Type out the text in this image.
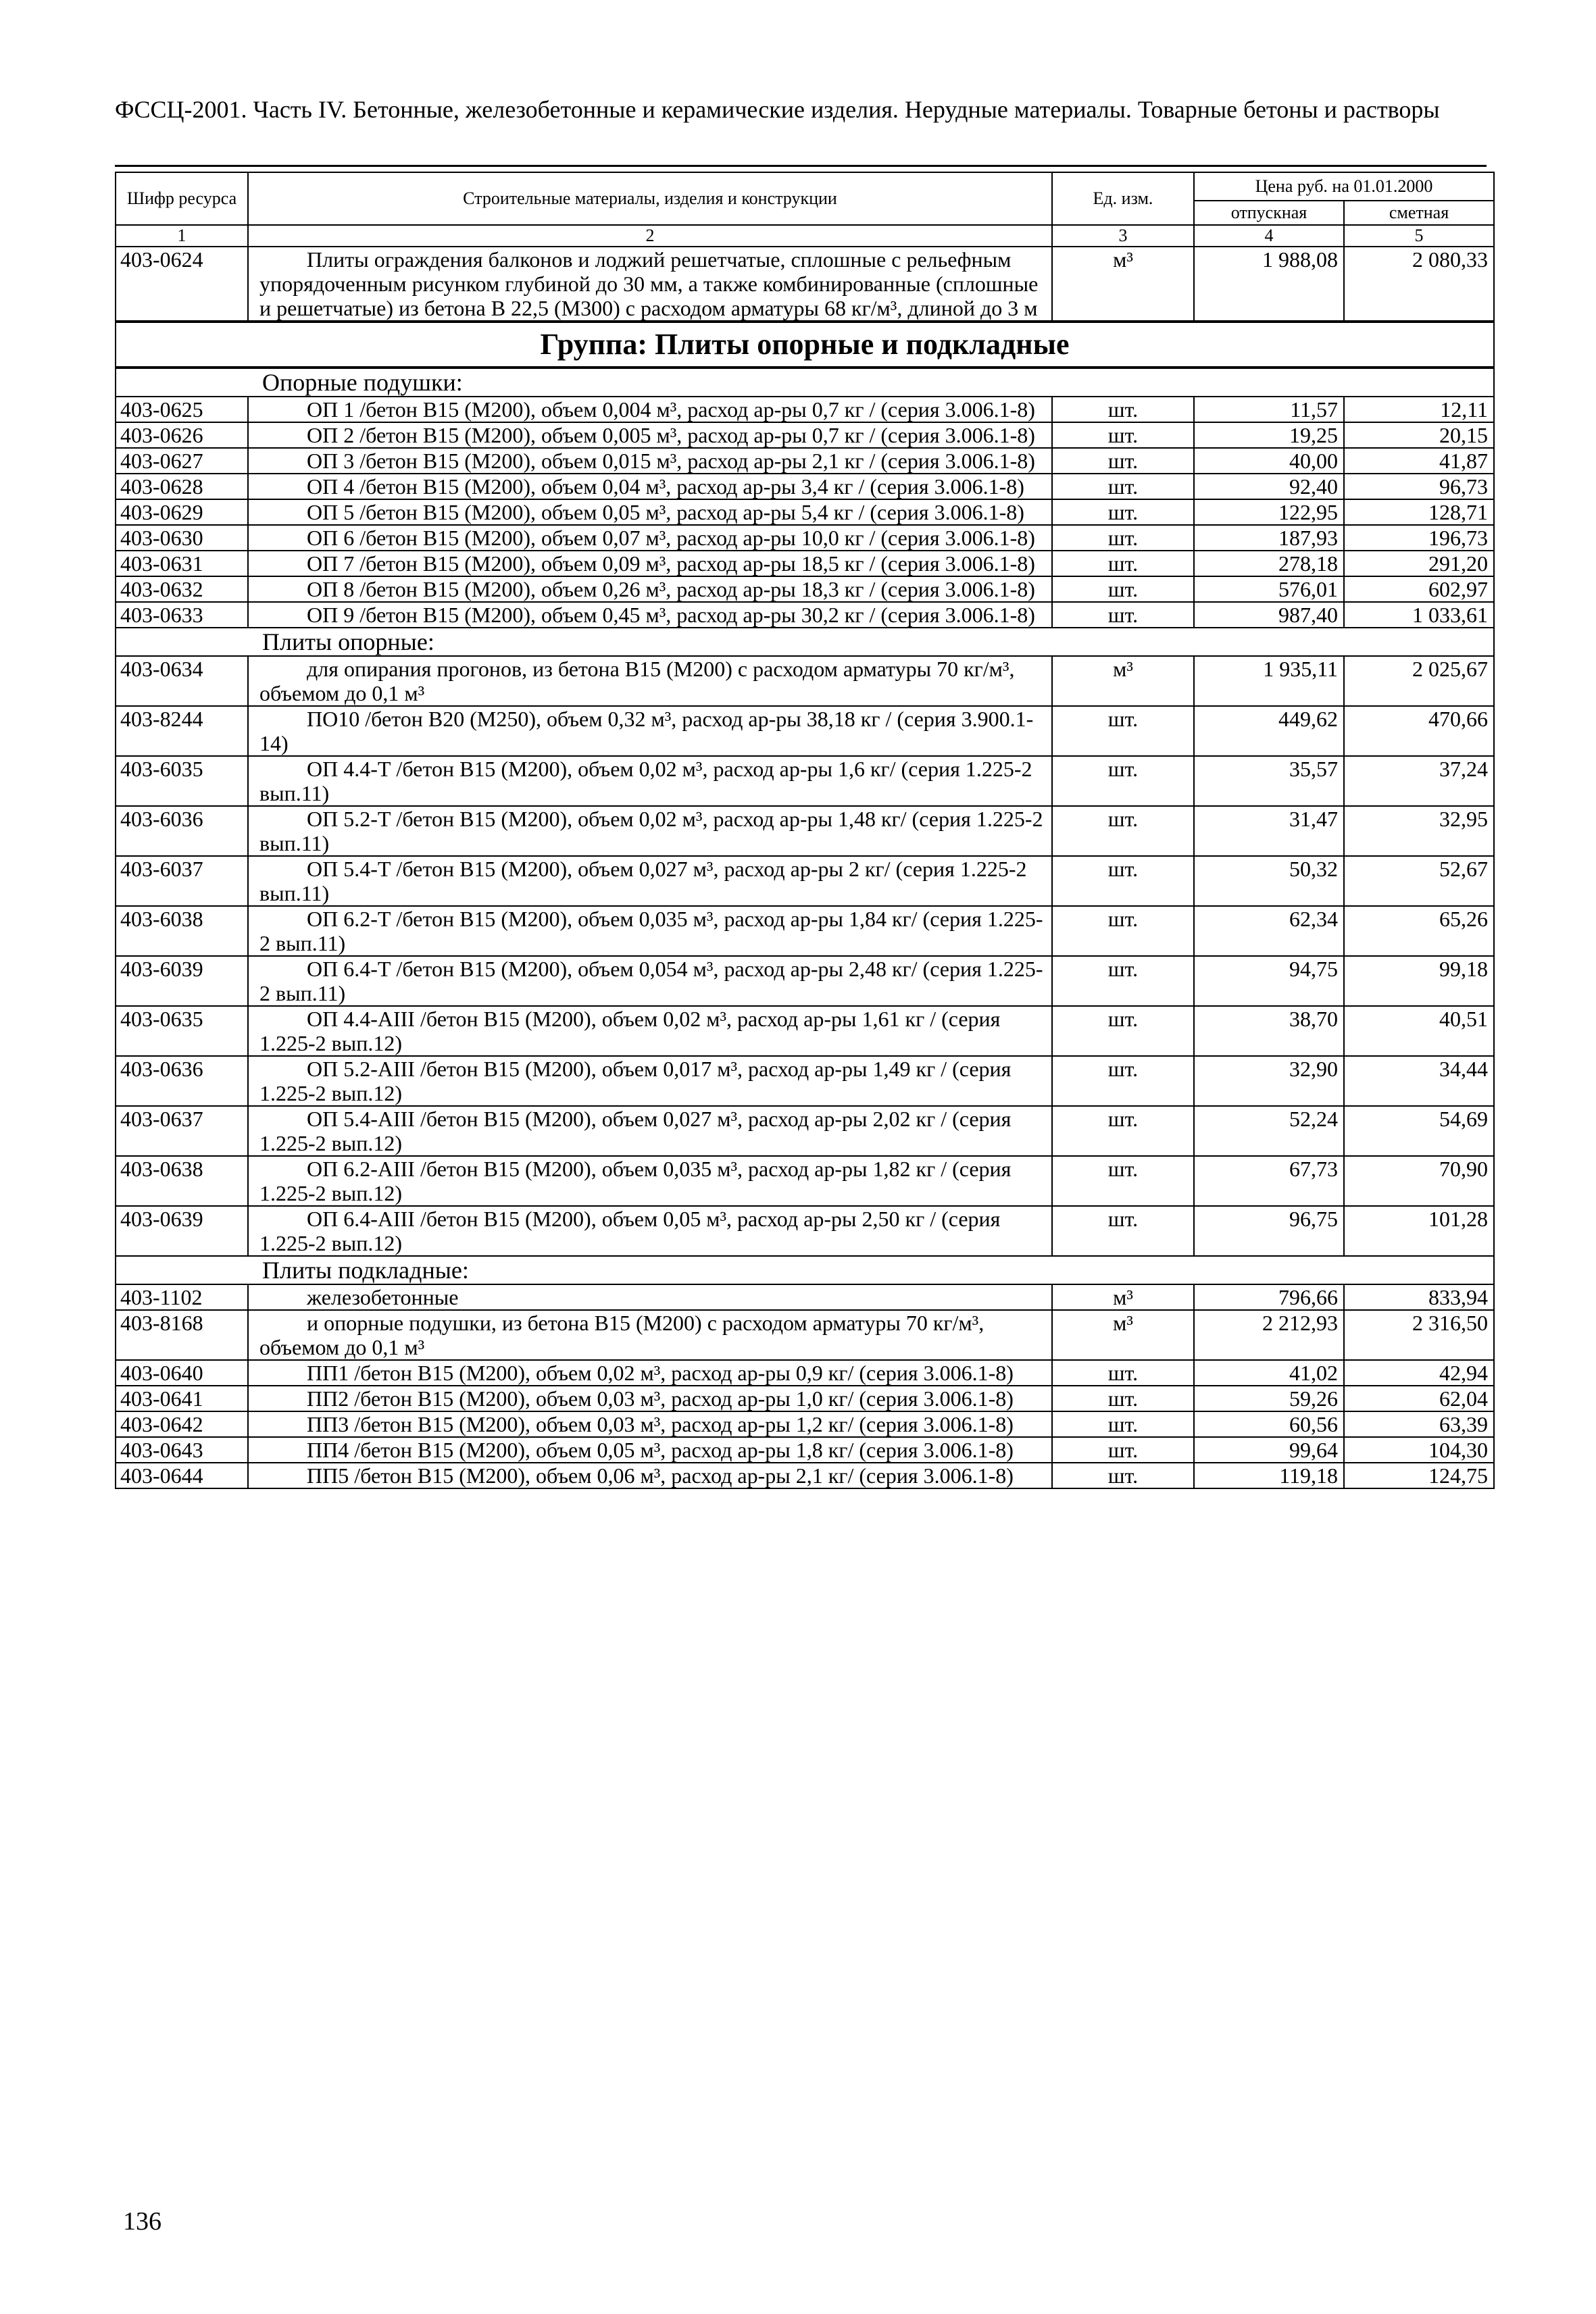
ФССЦ-2001. Часть IV. Бетонные, железобетонные и керамические изделия. Нерудные материалы. Товарные бетоны и растворы
Шифр ресурса	Строительные материалы, изделия и конструкции	Ед. изм.	Цена руб. на 01.01.2000	
			отпускная	сметная
1	2	3	4	5
403-0624	Плиты ограждения балконов и лоджий решетчатые, сплошные с рельефным упорядоченным рисунком глубиной до 30 мм, а также комбинированные (сплошные и решетчатые) из бетона В 22,5 (М300) с расходом арматуры 68 кг/м³, длиной до 3 м	м³	1 988,08	2 080,33
Группа: Плиты опорные и подкладные				
Опорные подушки:				
403-0625	ОП 1 /бетон В15 (М200), объем 0,004 м³, расход ар-ры 0,7 кг / (серия 3.006.1-8)	шт.	11,57	12,11
403-0626	ОП 2 /бетон В15 (М200), объем 0,005 м³, расход ар-ры 0,7 кг / (серия 3.006.1-8)	шт.	19,25	20,15
403-0627	ОП 3 /бетон В15 (М200), объем 0,015 м³, расход ар-ры 2,1 кг / (серия 3.006.1-8)	шт.	40,00	41,87
403-0628	ОП 4 /бетон В15 (М200), объем 0,04 м³, расход ар-ры 3,4 кг / (серия 3.006.1-8)	шт.	92,40	96,73
403-0629	ОП 5 /бетон В15 (М200), объем 0,05 м³, расход ар-ры 5,4 кг / (серия 3.006.1-8)	шт.	122,95	128,71
403-0630	ОП 6 /бетон В15 (М200), объем 0,07 м³, расход ар-ры 10,0 кг / (серия 3.006.1-8)	шт.	187,93	196,73
403-0631	ОП 7 /бетон В15 (М200), объем 0,09 м³, расход ар-ры 18,5 кг / (серия 3.006.1-8)	шт.	278,18	291,20
403-0632	ОП 8 /бетон В15 (М200), объем 0,26 м³, расход ар-ры 18,3 кг / (серия 3.006.1-8)	шт.	576,01	602,97
403-0633	ОП 9 /бетон В15 (М200), объем 0,45 м³, расход ар-ры 30,2 кг / (серия 3.006.1-8)	шт.	987,40	1 033,61
Плиты опорные:				
403-0634	для опирания прогонов, из бетона В15 (М200) с расходом арматуры 70 кг/м³, объемом до 0,1 м³	м³	1 935,11	2 025,67
403-8244	ПО10 /бетон В20 (М250), объем 0,32 м³, расход ар-ры 38,18 кг / (серия 3.900.1-14)	шт.	449,62	470,66
403-6035	ОП 4.4-Т /бетон В15 (М200), объем 0,02 м³, расход ар-ры 1,6 кг/ (серия 1.225-2 вып.11)	шт.	35,57	37,24
403-6036	ОП 5.2-Т /бетон В15 (М200), объем 0,02 м³, расход ар-ры 1,48 кг/ (серия 1.225-2 вып.11)	шт.	31,47	32,95
403-6037	ОП 5.4-Т /бетон В15 (М200), объем 0,027 м³, расход ар-ры 2 кг/ (серия 1.225-2 вып.11)	шт.	50,32	52,67
403-6038	ОП 6.2-Т /бетон В15 (М200), объем 0,035 м³, расход ар-ры 1,84 кг/ (серия 1.225-2 вып.11)	шт.	62,34	65,26
403-6039	ОП 6.4-Т /бетон В15 (М200), объем 0,054 м³, расход ар-ры 2,48 кг/ (серия 1.225-2 вып.11)	шт.	94,75	99,18
403-0635	ОП 4.4-АIII /бетон В15 (М200), объем 0,02 м³, расход ар-ры 1,61 кг / (серия 1.225-2 вып.12)	шт.	38,70	40,51
403-0636	ОП 5.2-АIII /бетон В15 (М200), объем 0,017 м³, расход ар-ры 1,49 кг / (серия 1.225-2 вып.12)	шт.	32,90	34,44
403-0637	ОП 5.4-АIII /бетон В15 (М200), объем 0,027 м³, расход ар-ры 2,02 кг / (серия 1.225-2 вып.12)	шт.	52,24	54,69
403-0638	ОП 6.2-АIII /бетон В15 (М200), объем 0,035 м³, расход ар-ры 1,82 кг / (серия 1.225-2 вып.12)	шт.	67,73	70,90
403-0639	ОП 6.4-АIII /бетон В15 (М200), объем 0,05 м³, расход ар-ры 2,50 кг / (серия 1.225-2 вып.12)	шт.	96,75	101,28
Плиты подкладные:				
403-1102	железобетонные	м³	796,66	833,94
403-8168	и опорные подушки, из бетона В15 (М200) с расходом арматуры 70 кг/м³, объемом до 0,1 м³	м³	2 212,93	2 316,50
403-0640	ПП1 /бетон В15 (М200), объем 0,02 м³, расход ар-ры 0,9 кг/ (серия 3.006.1-8)	шт.	41,02	42,94
403-0641	ПП2 /бетон В15 (М200), объем 0,03 м³, расход ар-ры 1,0 кг/ (серия 3.006.1-8)	шт.	59,26	62,04
403-0642	ПП3 /бетон В15 (М200), объем 0,03 м³, расход ар-ры 1,2 кг/ (серия 3.006.1-8)	шт.	60,56	63,39
403-0643	ПП4 /бетон В15 (М200), объем 0,05 м³, расход ар-ры 1,8 кг/ (серия 3.006.1-8)	шт.	99,64	104,30
403-0644	ПП5 /бетон В15 (М200), объем 0,06 м³, расход ар-ры 2,1 кг/ (серия 3.006.1-8)	шт.	119,18	124,75
136
